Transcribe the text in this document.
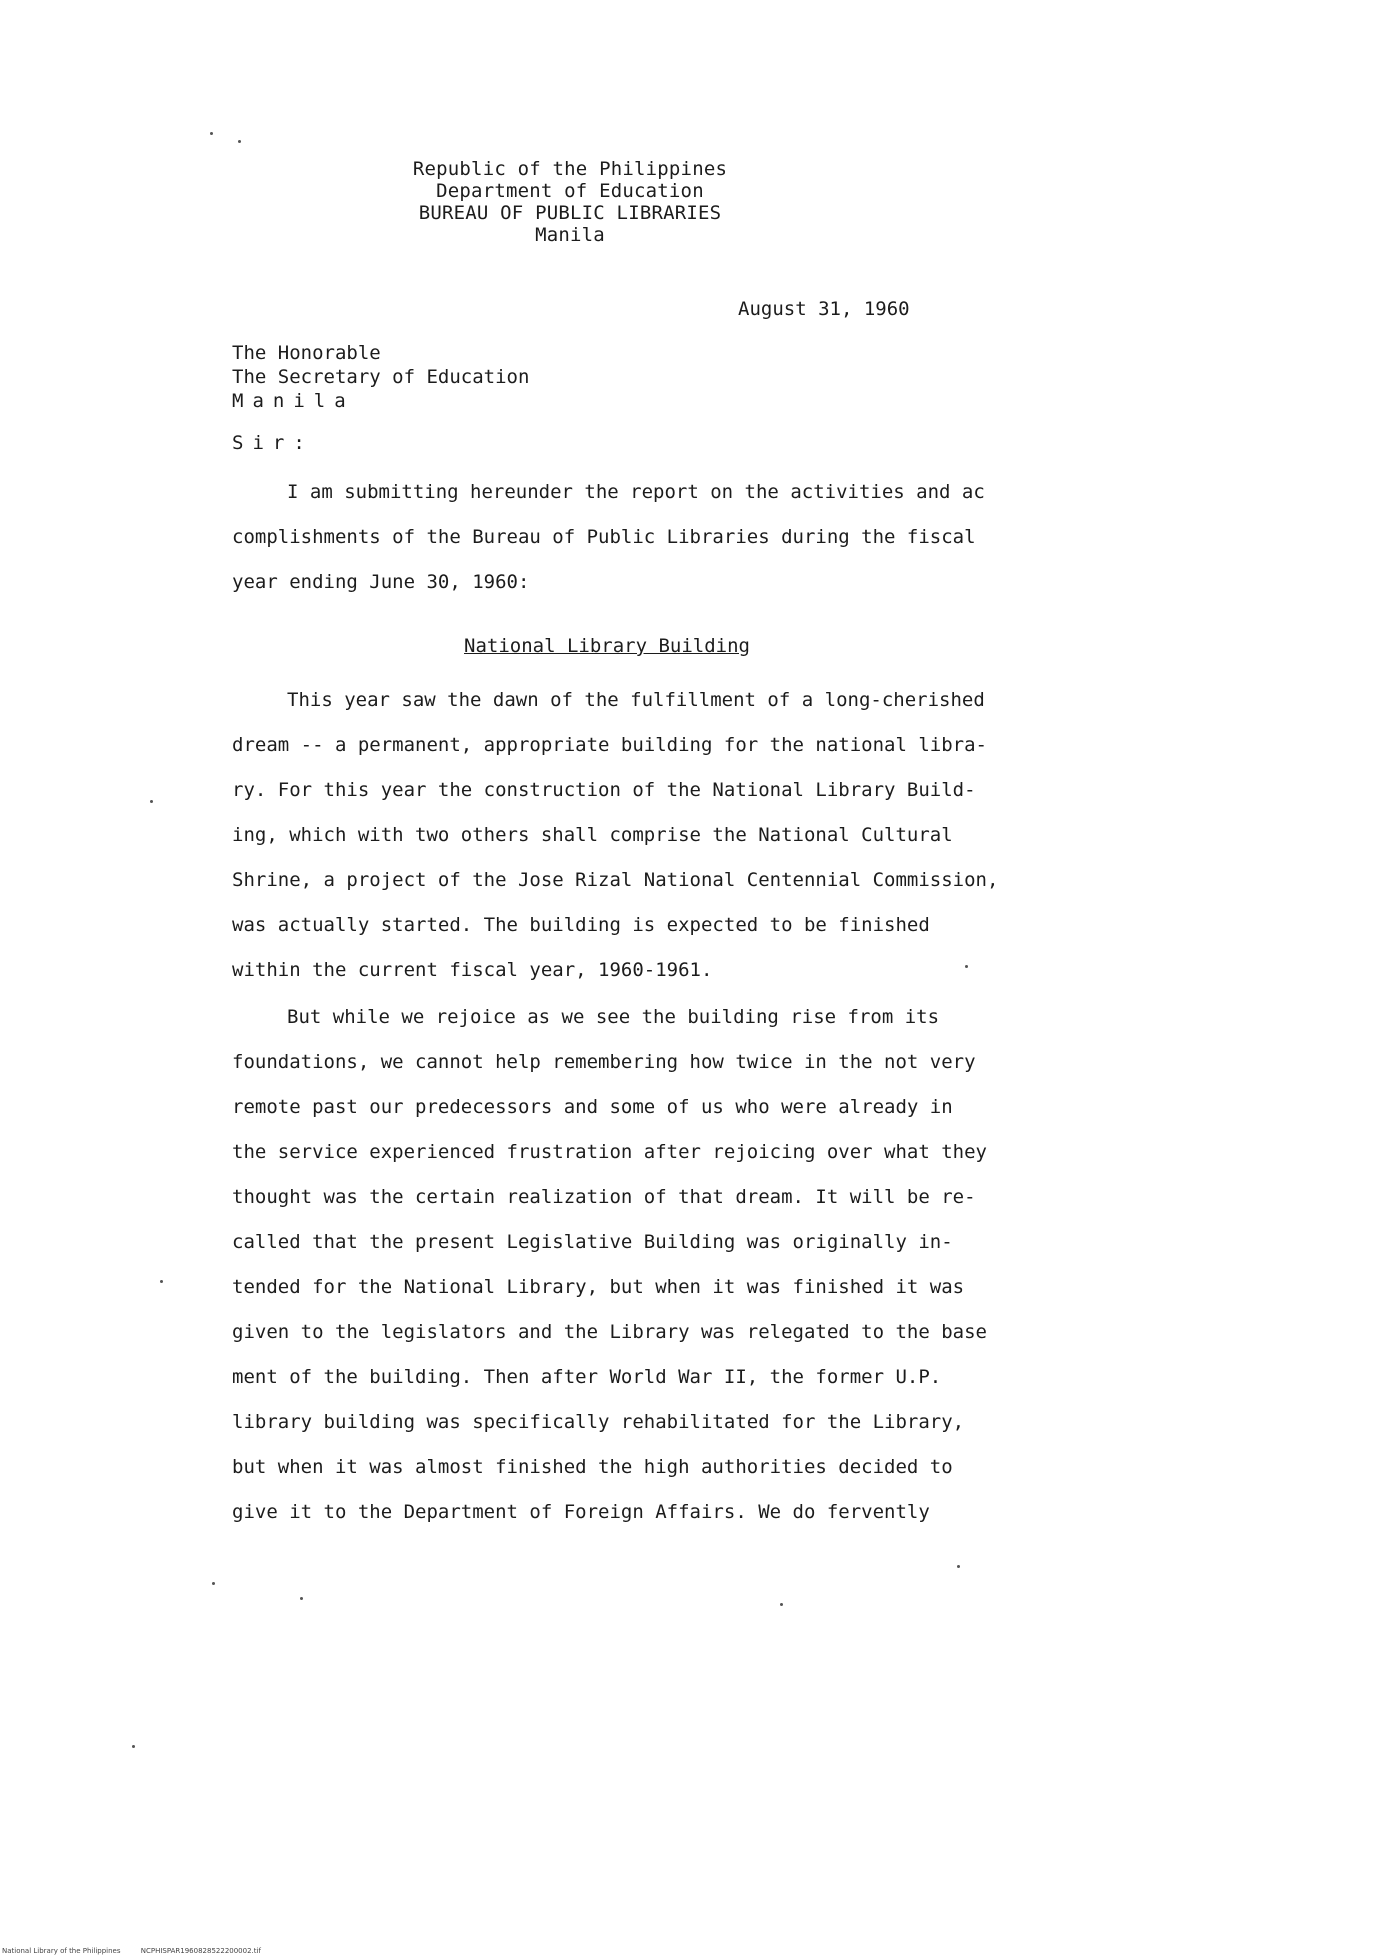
Republic of the Philippines
Department of Education
BUREAU OF PUBLIC LIBRARIES
Manila
August 31, 1960
The Honorable
The Secretary of Education
Manila
Sir:
I am submitting hereunder the report on the activities and ac
complishments of the Bureau of Public Libraries during the fiscal
year ending June 30, 1960:
National Library Building
This year saw the dawn of the fulfillment of a long-cherished
dream -- a permanent, appropriate building for the national libra-
ry. For this year the construction of the National Library Build-
ing, which with two others shall comprise the National Cultural
Shrine, a project of the Jose Rizal National Centennial Commission,
was actually started. The building is expected to be finished
within the current fiscal year, 1960-1961.
But while we rejoice as we see the building rise from its
foundations, we cannot help remembering how twice in the not very
remote past our predecessors and some of us who were already in
the service experienced frustration after rejoicing over what they
thought was the certain realization of that dream. It will be re-
called that the present Legislative Building was originally in-
tended for the National Library, but when it was finished it was
given to the legislators and the Library was relegated to the base
ment of the building. Then after World War II, the former U.P.
library building was specifically rehabilitated for the Library,
but when it was almost finished the high authorities decided to
give it to the Department of Foreign Affairs. We do fervently
National Library of the Philippines	NCPHISPAR1960828522200002.tif
